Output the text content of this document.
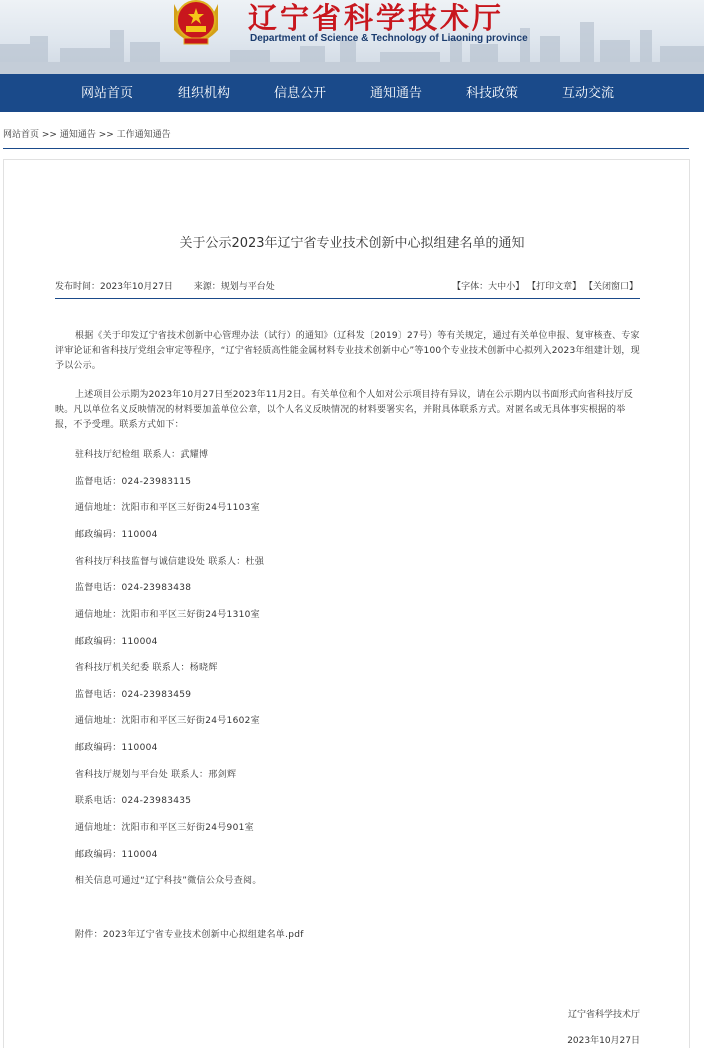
辽宁省科学技术厅
Department of Science & Technology of Liaoning province
网站首页	组织机构	信息公开	通知通告	科技政策	互动交流
网站首页 >> 通知通告 >> 工作通知通告
关于公示2023年辽宁省专业技术创新中心拟组建名单的通知
发布时间：2023年10月27日 来源：规划与平台处	【字体：大中小】 【打印文章】 【关闭窗口】

根据《关于印发辽宁省技术创新中心管理办法（试行）的通知》（辽科发〔2019〕27号）等有关规定，通过有关单位申报、复审核查、专家评审论证和省科技厅党组会审定等程序，“辽宁省轻质高性能金属材料专业技术创新中心”等100个专业技术创新中心拟列入2023年组建计划，现予以公示。

上述项目公示期为2023年10月27日至2023年11月2日。有关单位和个人如对公示项目持有异议，请在公示期内以书面形式向省科技厅反映。凡以单位名义反映情况的材料要加盖单位公章，以个人名义反映情况的材料要署实名，并附具体联系方式。对匿名或无具体事实根据的举报，不予受理。联系方式如下：

驻科技厅纪检组 联系人：武耀博
监督电话：024-23983115
通信地址：沈阳市和平区三好街24号1103室
邮政编码：110004
省科技厅科技监督与诚信建设处 联系人：杜强
监督电话：024-23983438
通信地址：沈阳市和平区三好街24号1310室
邮政编码：110004
省科技厅机关纪委 联系人：杨晓辉
监督电话：024-23983459
通信地址：沈阳市和平区三好街24号1602室
邮政编码：110004
省科技厅规划与平台处 联系人：邢剑辉
联系电话：024-23983435
通信地址：沈阳市和平区三好街24号901室
邮政编码：110004
相关信息可通过“辽宁科技”微信公众号查阅。
附件：2023年辽宁省专业技术创新中心拟组建名单.pdf
辽宁省科学技术厅
2023年10月27日
